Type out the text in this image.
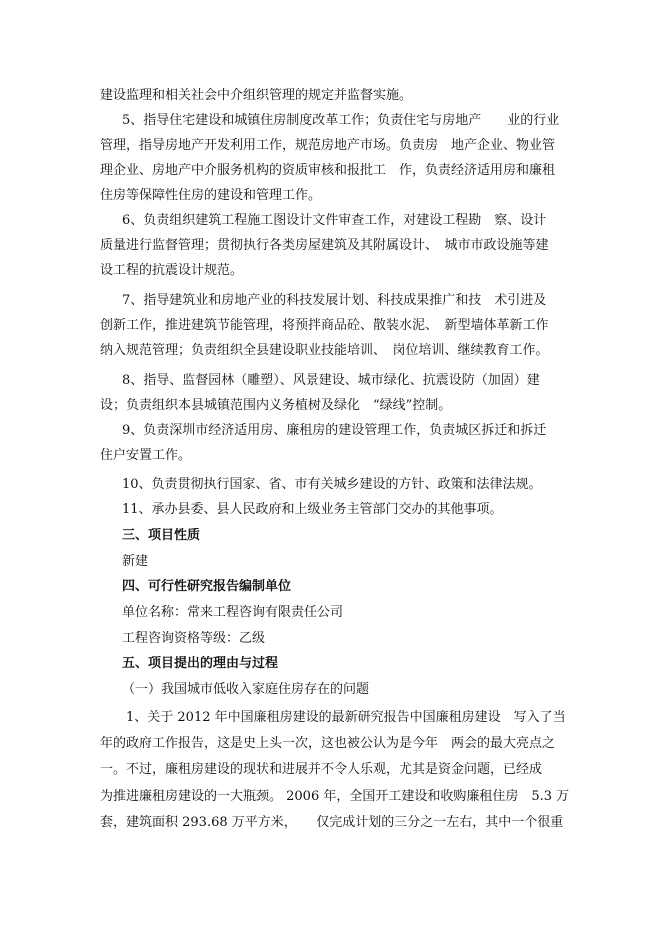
建设监理和相关社会中介组织管理的规定并监督实施。
5、指导住宅建设和城镇住房制度改革工作；负责住宅与房地产　　业的行业
管理，指导房地产开发利用工作，规范房地产市场。负责房　地产企业、物业管
理企业、房地产中介服务机构的资质审核和报批工　作，负责经济适用房和廉租
住房等保障性住房的建设和管理工作。
6、负责组织建筑工程施工图设计文件审查工作，对建设工程勘　察、设计
质量进行监督管理；贯彻执行各类房屋建筑及其附属设计、　城市市政设施等建
设工程的抗震设计规范。
7、指导建筑业和房地产业的科技发展计划、科技成果推广和技　术引进及
创新工作，推进建筑节能管理，将预拌商品砼、散装水泥、　新型墙体革新工作
纳入规范管理；负责组织全县建设职业技能培训、　岗位培训、继续教育工作。
8、指导、监督园林（雕塑）、风景建设、城市绿化、抗震设防（加固）建
设；负责组织本县城镇范围内义务植树及绿化　“绿线”控制。
9、负责深圳市经济适用房、廉租房的建设管理工作，负责城区拆迁和拆迁
住户安置工作。
10、负责贯彻执行国家、省、市有关城乡建设的方针、政策和法律法规。
11、承办县委、县人民政府和上级业务主管部门交办的其他事项。
三、项目性质
新建
四、可行性研究报告编制单位
单位名称：常来工程咨询有限责任公司
工程咨询资格等级：乙级
五、项目提出的理由与过程
（一）我国城市低收入家庭住房存在的问题
1、关于 2012 年中国廉租房建设的最新研究报告中国廉租房建设　写入了当
年的政府工作报告，这是史上头一次，这也被公认为是今年　两会的最大亮点之
一。不过，廉租房建设的现状和进展并不令人乐观，尤其是资金问题，已经成
为推进廉租房建设的一大瓶颈。 2006 年，全国开工建设和收购廉租住房　5.3 万
套，建筑面积 293.68 万平方米，　　仅完成计划的三分之一左右，其中一个很重
